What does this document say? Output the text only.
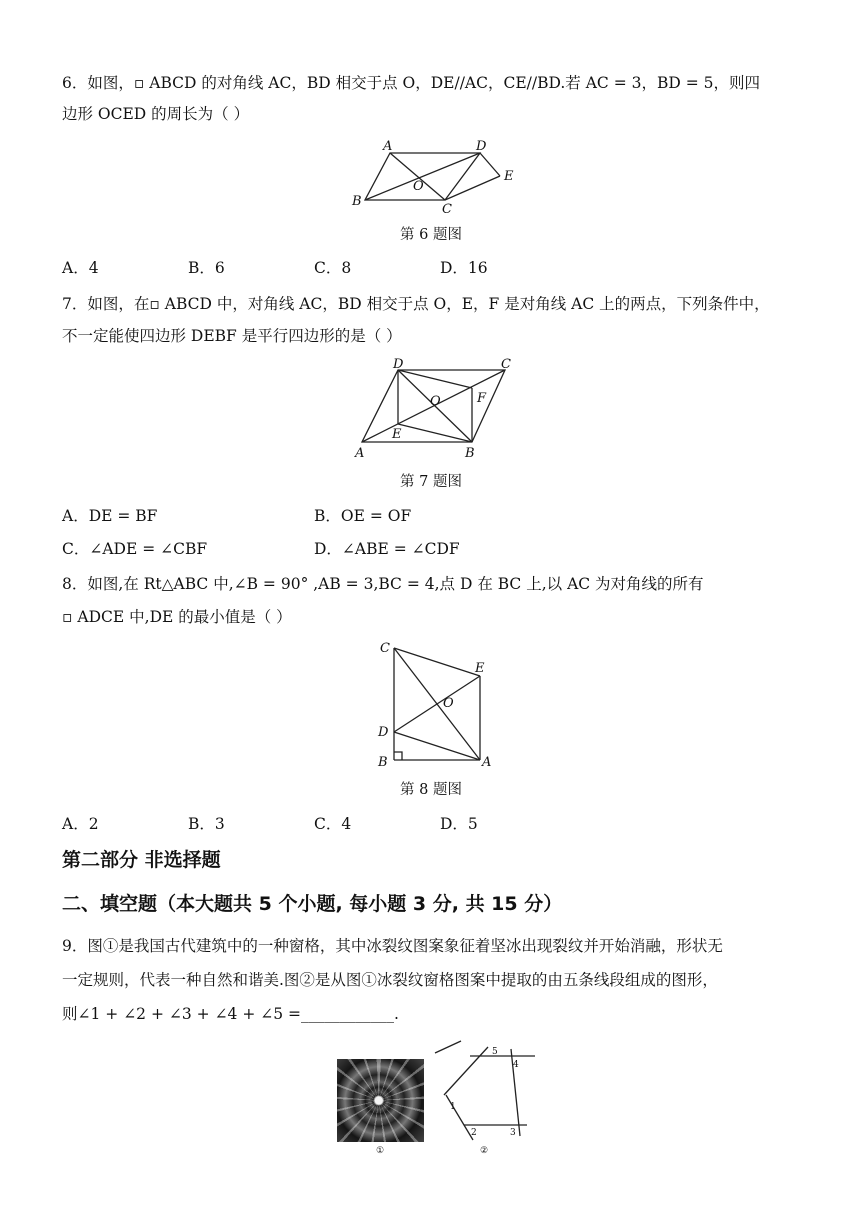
6．如图，▫ ABCD 的对角线 AC，BD 相交于点 O，DE//AC，CE//BD.若 AC = 3，BD = 5，则四
边形 OCED 的周长为（ ）
A	D
E
B
C
O
第 6 题图
A．4	B．6	C．8	D．16
7．如图，在▫ ABCD 中，对角线 AC，BD 相交于点 O，E，F 是对角线 AC 上的两点，下列条件中，
不一定能使四边形 DEBF 是平行四边形的是（ ）
D	C
F
O
E
A	B
第 7 题图
A．DE = BF	B．OE = OF
C．∠ADE = ∠CBF	D．∠ABE = ∠CDF
8．如图,在 Rt△ABC 中,∠B = 90° ,AB = 3,BC = 4,点 D 在 BC 上,以 AC 为对角线的所有
▫ ADCE 中,DE 的最小值是（ ）
C
E
O
D
B	A
第 8 题图
A．2	B．3	C．4	D．5
第二部分 非选择题
二、填空题（本大题共 5 个小题, 每小题 3 分, 共 15 分）
9．图①是我国古代建筑中的一种窗格，其中冰裂纹图案象征着坚冰出现裂纹并开始消融，形状无
一定规则，代表一种自然和谐美.图②是从图①冰裂纹窗格图案中提取的由五条线段组成的图形，
则∠1 + ∠2 + ∠3 + ∠4 + ∠5 =____________.
5
4
1
2	3
①	②
